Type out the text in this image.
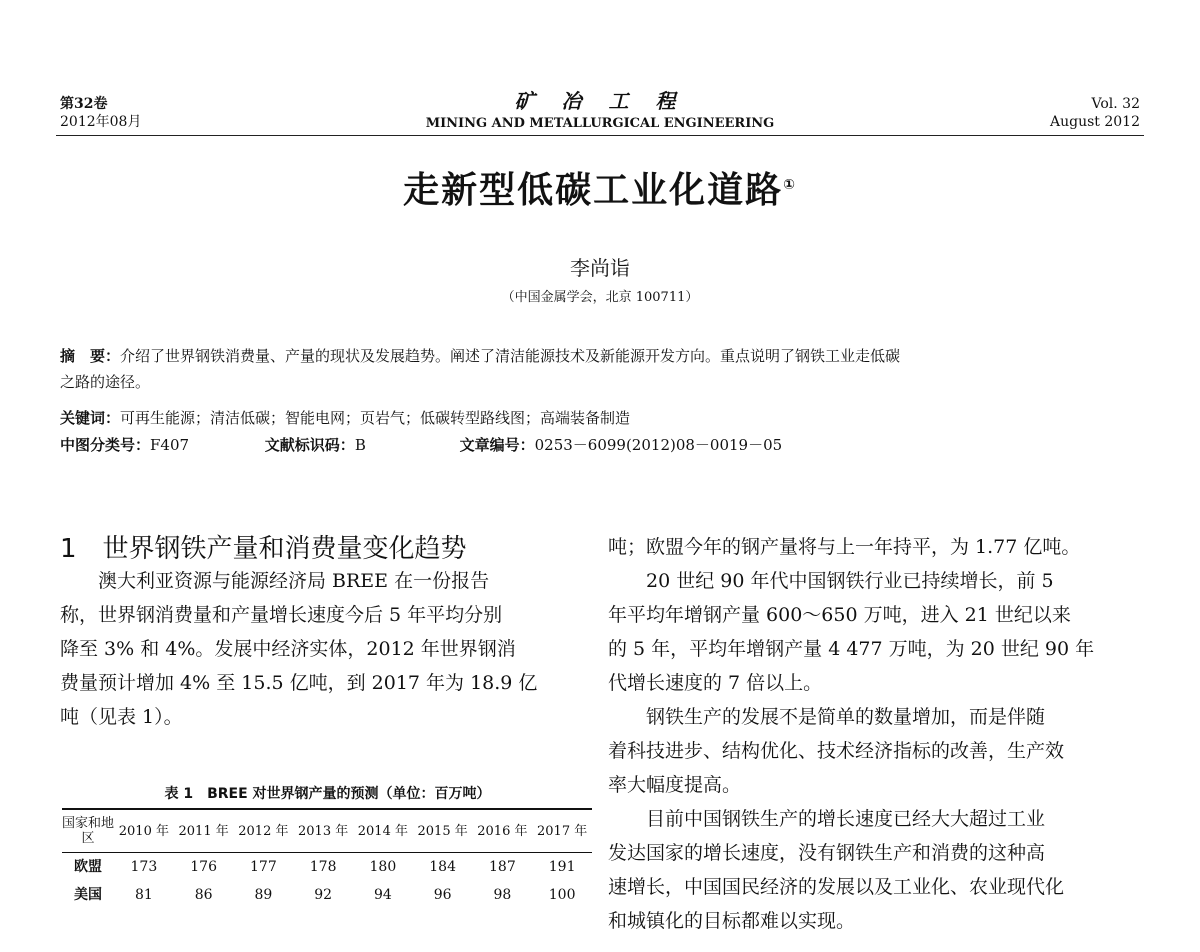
第32卷
2012年08月
矿 冶 工 程
MINING AND METALLURGICAL ENGINEERING
Vol. 32
August 2012
走新型低碳工业化道路①
李尚诣
（中国金属学会，北京 100711）
摘　要：介绍了世界钢铁消费量、产量的现状及发展趋势。阐述了清洁能源技术及新能源开发方向。重点说明了钢铁工业走低碳
之路的途径。
关键词：可再生能源；清洁低碳；智能电网；页岩气；低碳转型路线图；高端装备制造
中图分类号：F407	文献标识码：B	文章编号：0253－6099(2012)08－0019－05
1 世界钢铁产量和消费量变化趋势

　　澳大利亚资源与能源经济局 BREE 在一份报告

称，世界钢消费量和产量增长速度今后 5 年平均分别

降至 3% 和 4%。发展中经济实体，2012 年世界钢消

费量预计增加 4% 至 15.5 亿吨，到 2017 年为 18.9 亿

吨（见表 1）。

表 1　BREE 对世界钢产量的预测（单位：百万吨）
国家和地区	2010 年	2011 年	2012 年	2013 年	2014 年	2015 年	2016 年	2017 年
欧盟	173	176	177	178	180	184	187	191
美国	81	86	89	92	94	96	98	100

吨；欧盟今年的钢产量将与上一年持平，为 1.77 亿吨。

　　20 世纪 90 年代中国钢铁行业已持续增长，前 5

年平均年增钢产量 600～650 万吨，进入 21 世纪以来

的 5 年，平均年增钢产量 4 477 万吨，为 20 世纪 90 年

代增长速度的 7 倍以上。

　　钢铁生产的发展不是简单的数量增加，而是伴随

着科技进步、结构优化、技术经济指标的改善，生产效

率大幅度提高。

　　目前中国钢铁生产的增长速度已经大大超过工业

发达国家的增长速度，没有钢铁生产和消费的这种高

速增长，中国国民经济的发展以及工业化、农业现代化

和城镇化的目标都难以实现。
